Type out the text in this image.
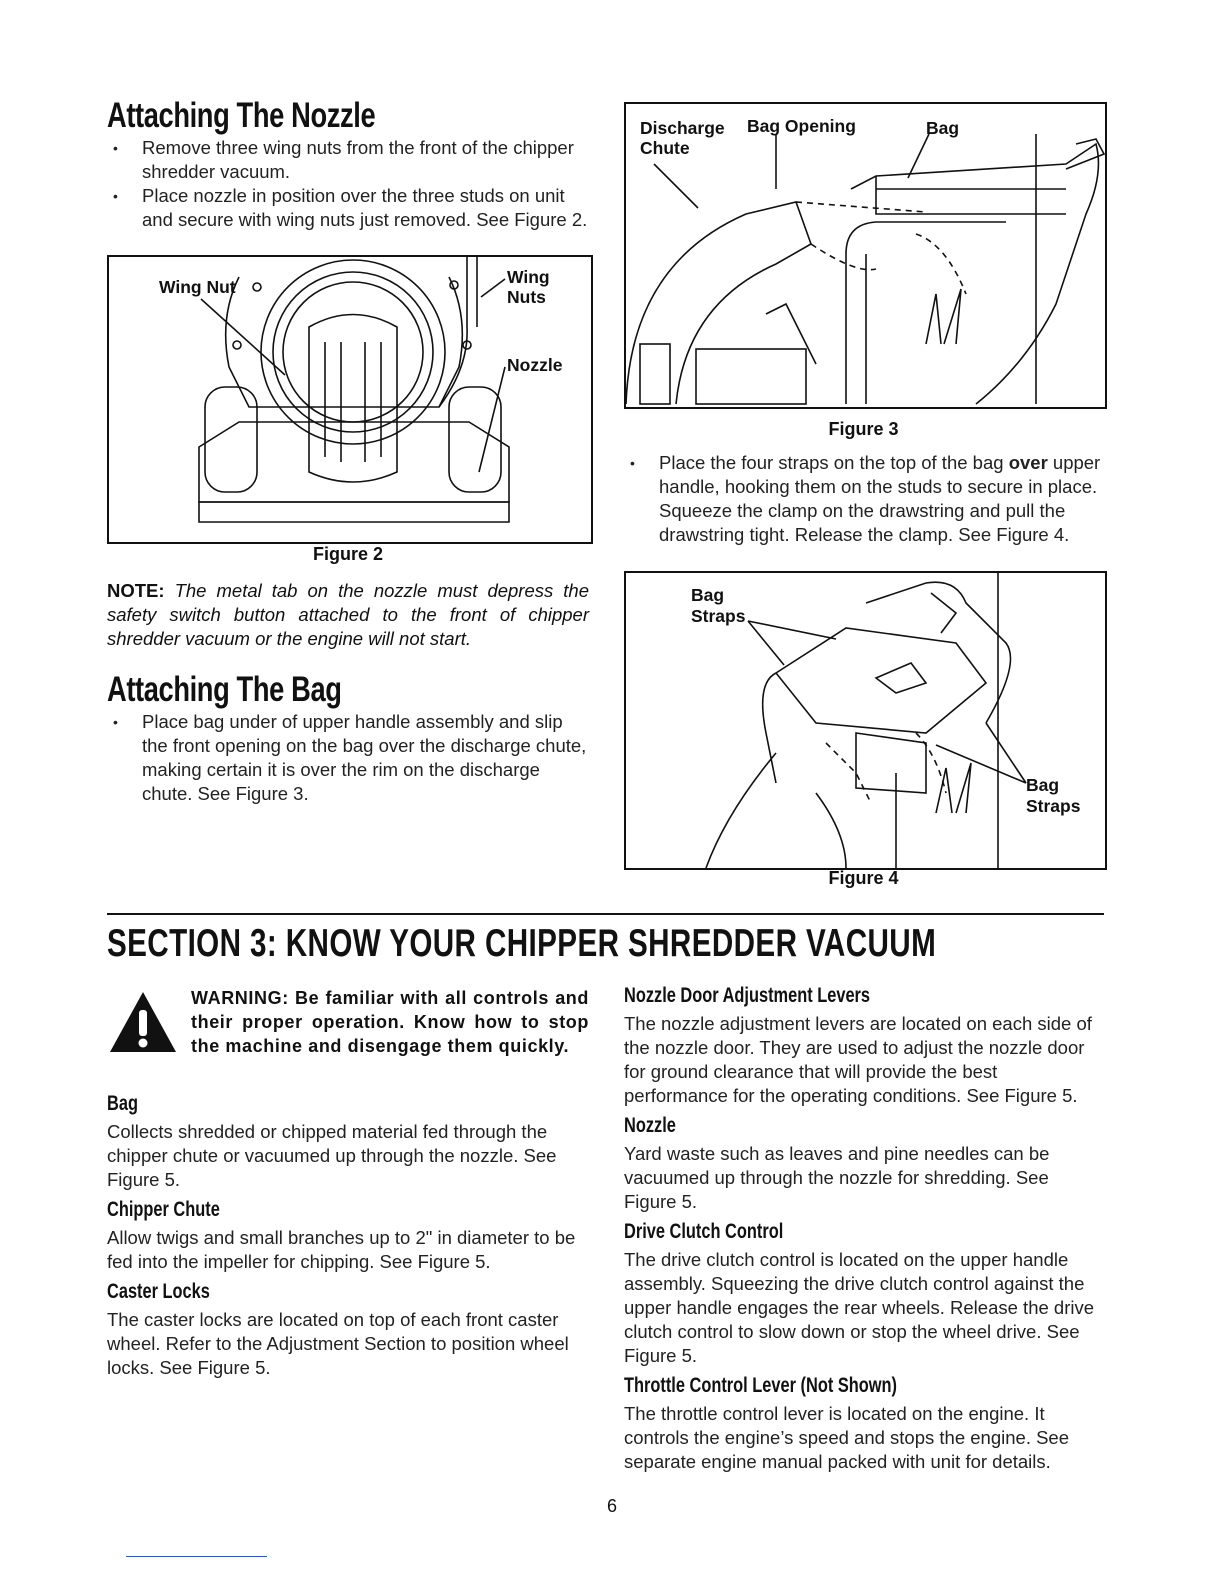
Attaching The Nozzle
• Remove three wing nuts from the front of the chipper shredder vacuum.
• Place nozzle in position over the three studs on unit and secure with wing nuts just removed. See Figure 2.
Wing Nut	Wing Nuts
Nozzle
Figure 2
NOTE: The metal tab on the nozzle must depress the safety switch button attached to the front of chipper shredder vacuum or the engine will not start.
Attaching The Bag
• Place bag under of upper handle assembly and slip the front opening on the bag over the discharge chute, making certain it is over the rim on the discharge chute. See Figure 3.
Discharge Chute
Bag Opening	Bag
Figure 3
• Place the four straps on the top of the bag over upper handle, hooking them on the studs to secure in place. Squeeze the clamp on the drawstring and pull the drawstring tight. Release the clamp. See Figure 4.
Bag Straps
Bag Straps
Figure 4
SECTION 3: KNOW YOUR CHIPPER SHREDDER VACUUM
WARNING: Be familiar with all controls and their proper operation. Know how to stop the machine and disengage them quickly.
Bag

Collects shredded or chipped material fed through the chipper chute or vacuumed up through the nozzle. See Figure 5.

Chipper Chute

Allow twigs and small branches up to 2" in diameter to be fed into the impeller for chipping. See Figure 5.

Caster Locks

The caster locks are located on top of each front caster wheel. Refer to the Adjustment Section to position wheel locks. See Figure 5.

Nozzle Door Adjustment Levers

The nozzle adjustment levers are located on each side of the nozzle door. They are used to adjust the nozzle door for ground clearance that will provide the best performance for the operating conditions. See Figure 5.

Nozzle

Yard waste such as leaves and pine needles can be vacuumed up through the nozzle for shredding. See Figure 5.

Drive Clutch Control

The drive clutch control is located on the upper handle assembly. Squeezing the drive clutch control against the upper handle engages the rear wheels. Release the drive clutch control to slow down or stop the wheel drive. See Figure 5.

Throttle Control Lever (Not Shown)

The throttle control lever is located on the engine. It controls the engine’s speed and stops the engine. See separate engine manual packed with unit for details.

6
